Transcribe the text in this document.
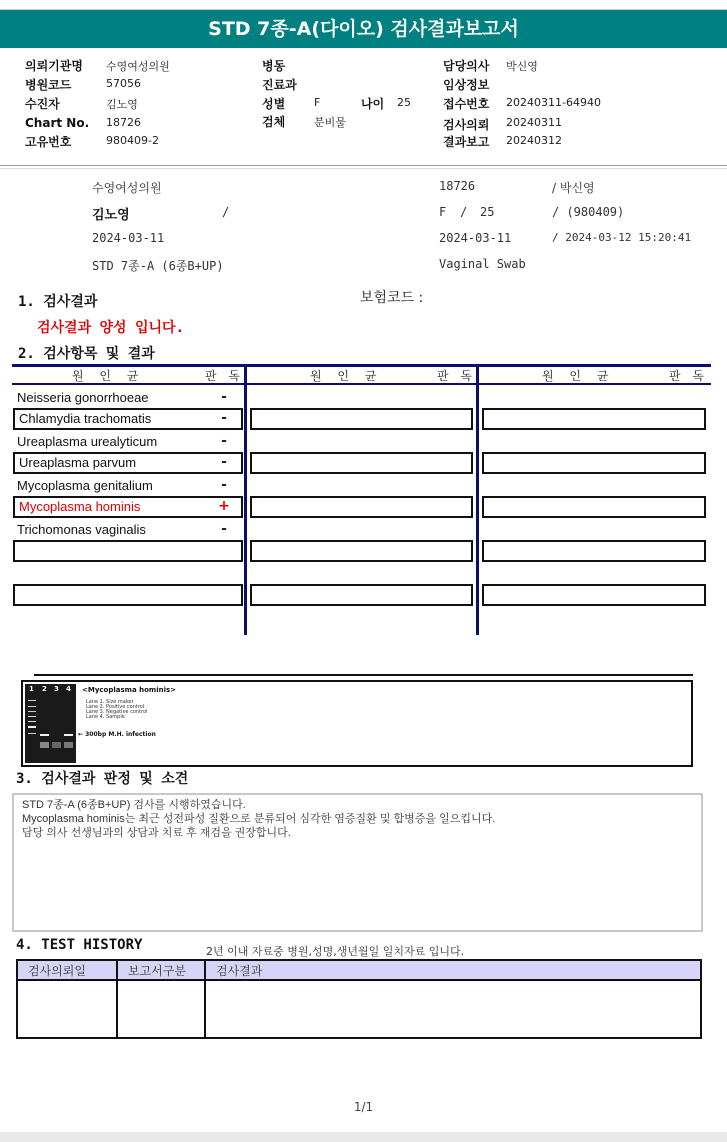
STD 7종-A(다이오) 검사결과보고서
의뢰기관명 수영여성의원
병원코드	57056
수진자	김노영
Chart No. 18726
고유번호	980409-2
병동
진료과
성별	F	나이 25
검체	분비물
담당의사 박신영
임상정보
접수번호 20240311-64940
검사의뢰 20240311
결과보고 20240312
수영여성의원	18726	/ 박신영
김노영	/	F / 25	/ (980409)
2024-03-11	2024-03-11	/ 2024-03-12 15:20:41
STD 7종-A (6종B+UP)	Vaginal Swab
1. 검사결과	보험코드 :
검사결과 양성 입니다.
2. 검사항목 및 결과
원 인 균	판 독	원 인 균	판 독	원 인 균	판 독
Neisseria gonorrhoeae	-
Chlamydia trachomatis	-
Ureaplasma urealyticum	-
Ureaplasma parvum	-
Mycoplasma genitalium	-
Mycoplasma hominis	+
Trichomonas vaginalis	-
1 2 3 4 <Mycoplasma hominis>
Lane 1. Size maker
Lane 2. Positive control
Lane 3. Negative control
Lane 4. Sample
← 300bp M.H. infection
3. 검사결과 판정 및 소견
STD 7종-A (6종B+UP) 검사를 시행하였습니다.
Mycoplasma hominis는 최근 성전파성 질환으로 분류되어 심각한 염증질환 및 합병증을 일으킵니다.
담당 의사 선생님과의 상담과 치료 후 재검을 권장합니다.
4. TEST HISTORY	2년 이내 자료중 병원,성명,생년월일 일치자료 입니다.
검사의뢰일	보고서구분	검사결과

1/1
